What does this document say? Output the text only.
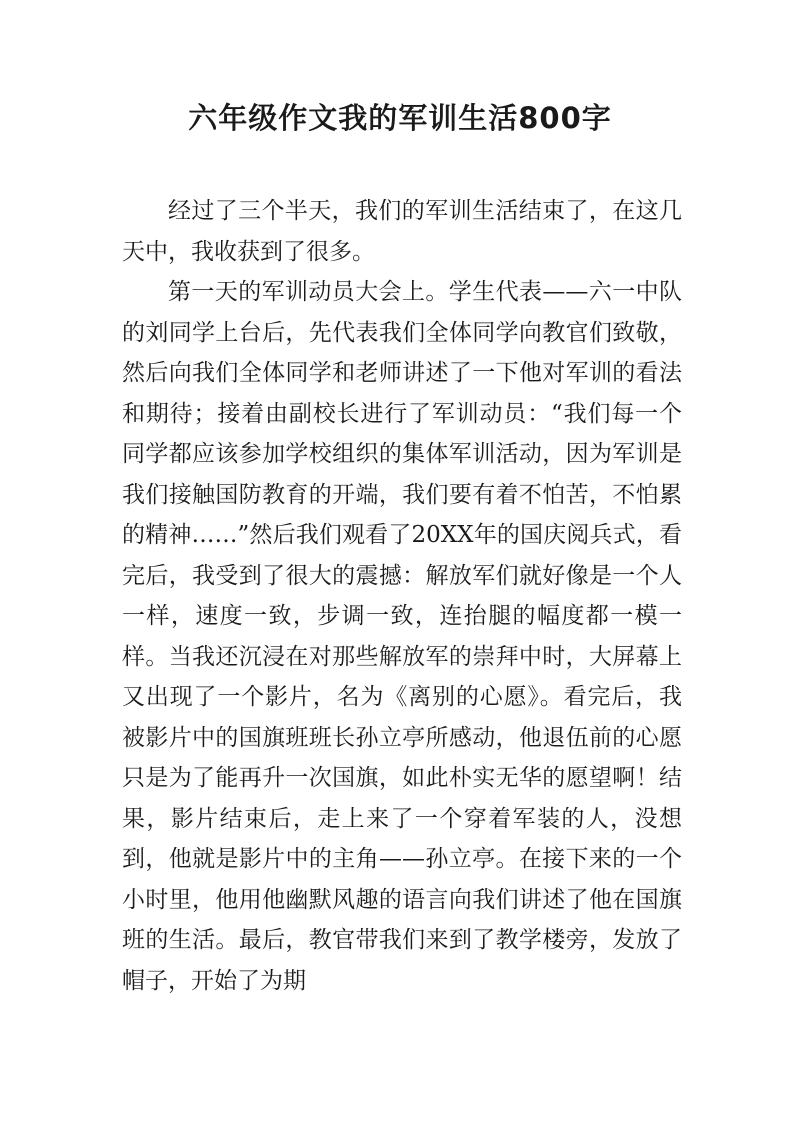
六年级作文我的军训生活800字

经过了三个半天，我们的军训生活结束了，在这几天中，我收获到了很多。

第一天的军训动员大会上。学生代表——六一中队的刘同学上台后，先代表我们全体同学向教官们致敬，然后向我们全体同学和老师讲述了一下他对军训的看法和期待；接着由副校长进行了军训动员：“我们每一个同学都应该参加学校组织的集体军训活动，因为军训是我们接触国防教育的开端，我们要有着不怕苦，不怕累的精神……”然后我们观看了20XX年的国庆阅兵式，看完后，我受到了很大的震撼：解放军们就好像是一个人一样，速度一致，步调一致，连抬腿的幅度都一模一样。当我还沉浸在对那些解放军的崇拜中时，大屏幕上又出现了一个影片，名为《离别的心愿》。看完后，我被影片中的国旗班班长孙立亭所感动，他退伍前的心愿只是为了能再升一次国旗，如此朴实无华的愿望啊！结果，影片结束后，走上来了一个穿着军装的人，没想到，他就是影片中的主角——孙立亭。在接下来的一个小时里，他用他幽默风趣的语言向我们讲述了他在国旗班的生活。最后，教官带我们来到了教学楼旁，发放了帽子，开始了为期
